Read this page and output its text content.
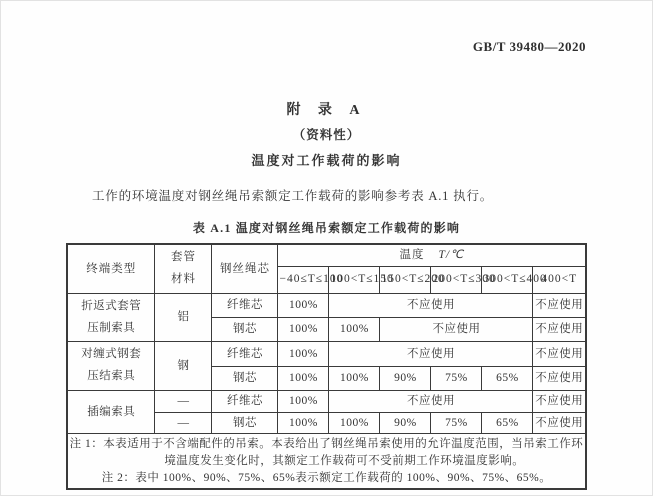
GB/T 39480—2020
附 录 A
（资料性）
温度对工作载荷的影响

工作的环境温度对钢丝绳吊索额定工作载荷的影响参考表 A.1 执行。

表 A.1 温度对钢丝绳吊索额定工作载荷的影响
终端类型	套管
材料	钢丝绳芯	温度 T/℃					
			−40≤T≤100	100<T≤150	150<T≤200	200<T≤300	300<T≤400	400<T

折返式套管
压制索具	铝	纤维芯	100%	不应使用				不应使用
		钢芯	100%	100%	不应使用			不应使用

对缠式钢套
压结索具	钢	纤维芯	100%	不应使用				不应使用
		钢芯	100%	100%	90%	75%	65%	不应使用
插编索具	—	纤维芯	100%	不应使用				不应使用
	—	钢芯	100%	100%	90%	75%	65%	不应使用

注 1：本表适用于不含端配件的吊索。本表给出了钢丝绳吊索使用的允许温度范围，当吊索工作环境温度发生变化时，其额定工作载荷可不受前期工作环境温度影响。
注 2：表中 100%、90%、75%、65%表示额定工作载荷的 100%、90%、75%、65%。								
